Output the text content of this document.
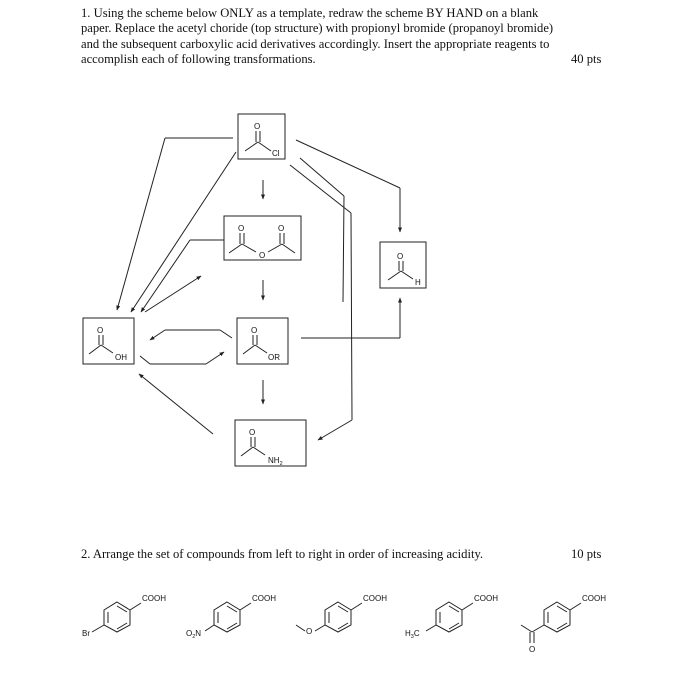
1. Using the scheme below ONLY as a template, redraw the scheme BY HAND on a blank

paper. Replace the acetyl choride (top structure) with propionyl bromide (propanoyl bromide)

and the subsequent carboxylic acid derivatives accordingly. Insert the appropriate reagents to

accomplish each of following transformations.	40 pts
O
Cl
O	O
O	O
H
O
OH
O
OR
O
$NH_2$
COOH
Br
COOH
$O_2N$
COOH
O
COOH
$H_3C$
COOH
O
2. Arrange the set of compounds from left to right in order of increasing acidity.	10 pts
